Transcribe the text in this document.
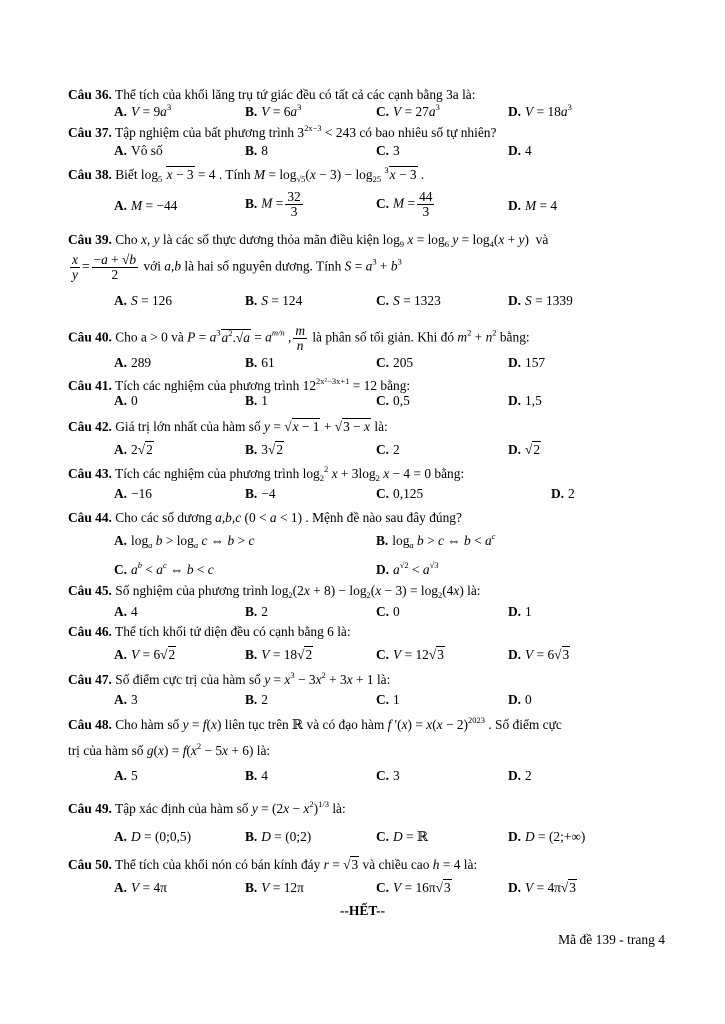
Câu 36. Thể tích của khối lăng trụ tứ giác đều có tất cả các cạnh bằng 3a là:
A. $V = 9a^3$	B. $V = 6a^3$	C. $V = 27a^3$	D. $V = 18a^3$
Câu 37. Tập nghiệm của bất phương trình $3^{2x-3} < 243$ có bao nhiêu số tự nhiên?
A. Vô số	B. 8	C. 3	D. 4
Câu 38. Biết $\log_5 x - 3 = 4$ . Tính $M = \log_{√5}(x - 3) - \log_{25} ^3x - 3$ .
A. M = −44	B. $M = \frac{32}{3}$	C. $M = \frac{44}{3}$	D. M = 4
Câu 39. Cho x, y là các số thực dương thỏa mãn điều kiện $\log_9 x = \log_6 y = \log_4(x + y)$  và
$\frac{x}{y} = \frac{-a + √b}{2}$ với a,b là hai số nguyên dương. Tính $S = a^3 + b^3$
A. S = 126	B. S = 124	C. S = 1323	D. S = 1339
Câu 40. Cho a > 0 và $P = a^3a^2.√a = a^{m/n}$ , $\frac{m}{n}$ là phân số tối giản. Khi đó $m^2 + n^2$ bằng:
A. 289	B. 61	C. 205	D. 157
Câu 41. Tích các nghiệm của phương trình $12^{2x^2-3x+1} = 12$ bằng:
A. 0	B. 1	C. 0,5	D. 1,5
Câu 42. Giá trị lớn nhất của hàm số y = √x − 1 + √3 − x là:
A. 2√2	B. 3√2	C. 2	D. √2
Câu 43. Tích các nghiệm của phương trình $\log_2^2 x + 3\log_2$ x − 4 = 0 bằng:
A. −16	B. −4	C. 0,125	D. 2
Câu 44. Cho các số dương a,b,c (0 < a < 1) . Mệnh đề nào sau đây đúng?
A. $\log_a b > \log_a c$ ⇔ b > c	B. $\log_a b > c$ ⇔ $b < a^c$
C. $a^b < a^c$ ⇔ b < c	D. $a^{√2} < a^{√3}$
Câu 45. Số nghiệm của phương trình $\log_2(2x + 8) - \log_2(x - 3) = \log_2(4x)$ là:
A. 4	B. 2	C. 0	D. 1
Câu 46. Thể tích khối tứ diện đều có cạnh bằng 6 là:
A. V = 6√2	B. V = 18√2	C. V = 12√3	D. V = 6√3
Câu 47. Số điểm cực trị của hàm số $y = x^3 - 3x^2 + 3x + 1$ là:
A. 3	B. 2	C. 1	D. 0
Câu 48. Cho hàm số y = f(x) liên tục trên ℝ và có đạo hàm f '$(x) = x(x - 2)^{2023}$ . Số điểm cực
trị của hàm số $g(x) = f(x^2 - 5x + 6)$ là:
A. 5	B. 4	C. 3	D. 2
Câu 49. Tập xác định của hàm số $y = (2x - x^2)^{1/3}$ là:
A. D = (0;0,5)	B. D = (0;2)	C. D = ℝ	D. D = (2;+∞)
Câu 50. Thể tích của khối nón có bán kính đáy r = √3 và chiều cao h = 4 là:
A. V = 4π	B. V = 12π	C. V = 16π√3	D. V = 4π√3
--HẾT--
Mã đề 139 - trang 4
